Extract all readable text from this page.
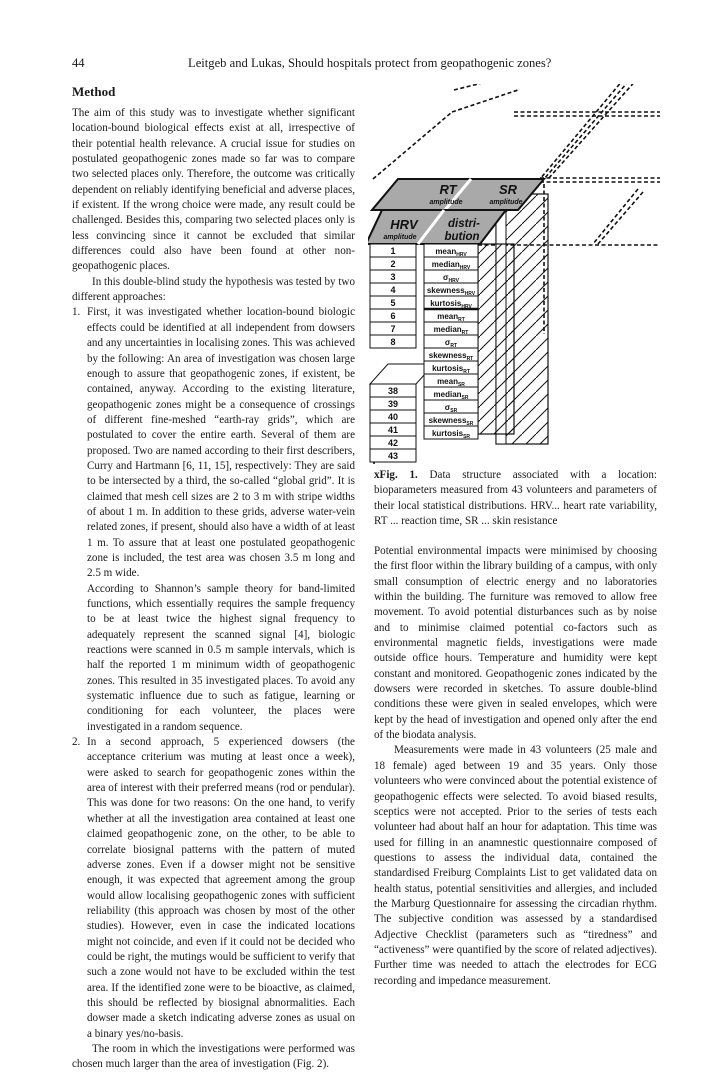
44	Leitgeb and Lukas, Should hospitals protect from geopathogenic zones?
Method

The aim of this study was to investigate whether significant location-bound biological effects exist at all, irrespective of their potential health relevance. A crucial issue for studies on postulated geopathogenic zones made so far was to compare two selected places only. Therefore, the outcome was critically dependent on reliably identifying beneficial and adverse places, if existent. If the wrong choice were made, any result could be challenged. Besides this, comparing two selected places only is less convincing since it cannot be excluded that similar differences could also have been found at other non-geopathogenic places.

In this double-blind study the hypothesis was tested by two different approaches:

1. First, it was investigated whether location-bound biologic effects could be identified at all independent from dowsers and any uncertainties in localising zones. This was achieved by the following: An area of investigation was chosen large enough to assure that geopathogenic zones, if existent, be contained, anyway. According to the existing literature, geopathogenic zones might be a consequence of crossings of different fine-meshed “earth-ray grids”, which are postulated to cover the entire earth. Several of them are proposed. Two are named according to their first describers, Curry and Hartmann [6, 11, 15], respectively: They are said to be intersected by a third, the so-called “global grid”. It is claimed that mesh cell sizes are 2 to 3 m with stripe widths of about 1 m. In addition to these grids, adverse water-vein related zones, if present, should also have a width of at least 1 m. To assure that at least one postulated geopathogenic zone is included, the test area was chosen 3.5 m long and 2.5 m wide.

According to Shannon’s sample theory for band-limited functions, which essentially requires the sample frequency to be at least twice the highest signal frequency to adequately represent the scanned signal [4], biologic reactions were scanned in 0.5 m sample intervals, which is half the reported 1 m minimum width of geopathogenic zones. This resulted in 35 investigated places. To avoid any systematic influence due to such as fatigue, learning or conditioning for each volunteer, the places were investigated in a random sequence.

2. In a second approach, 5 experienced dowsers (the acceptance criterium was muting at least once a week), were asked to search for geopathogenic zones within the area of interest with their preferred means (rod or pendular). This was done for two reasons: On the one hand, to verify whether at all the investigation area contained at least one claimed geopathogenic zone, on the other, to be able to correlate biosignal patterns with the pattern of muted adverse zones. Even if a dowser might not be sensitive enough, it was expected that agreement among the group would allow localising geopathogenic zones with sufficient reliability (this approach was chosen by most of the other studies). However, even in case the indicated locations might not coincide, and even if it could not be decided who could be right, the mutings would be sufficient to verify that such a zone would not have to be excluded within the test area. If the identified zone were to be bioactive, as claimed, this should be reflected by biosignal abnormalities. Each dowser made a sketch indicating adverse zones as usual on a binary yes/no-basis.

The room in which the investigations were performed was chosen much larger than the area of investigation (Fig. 2).

RT
amplitude
SR
amplitude
HRV
amplitude
distri-
bution
1
2
3
4
5
6
7
8
38
39
40
41
42
43
mean$_{HRV}$
median$_{HRV}$
$\sigma_{HRV}$
skewness$_{HRV}$
kurtosis$_{HRV}$
mean$_{RT}$
median$_{RT}$
$\sigma_{RT}$
skewness$_{RT}$
kurtosis$_{RT}$
mean$_{SR}$
median$_{SR}$
$\sigma_{SR}$
skewness$_{SR}$
kurtosis$_{SR}$

xFig. 1. Data structure associated with a location: bioparameters measured from 43 volunteers and parameters of their local statistical distributions. HRV... heart rate variability, RT ... reaction time, SR ... skin resistance

Potential environmental impacts were minimised by choosing the first floor within the library building of a campus, with only small consumption of electric energy and no laboratories within the building. The furniture was removed to allow free movement. To avoid potential disturbances such as by noise and to minimise claimed potential co-factors such as environmental magnetic fields, investigations were made outside office hours. Temperature and humidity were kept constant and monitored. Geopathogenic zones indicated by the dowsers were recorded in sketches. To assure double-blind conditions these were given in sealed envelopes, which were kept by the head of investigation and opened only after the end of the biodata analysis.

Measurements were made in 43 volunteers (25 male and 18 female) aged between 19 and 35 years. Only those volunteers who were convinced about the potential existence of geopathogenic effects were selected. To avoid biased results, sceptics were not accepted. Prior to the series of tests each volunteer had about half an hour for adaptation. This time was used for filling in an anamnestic questionnaire composed of questions to assess the individual data, contained the standardised Freiburg Complaints List to get validated data on health status, potential sensitivities and allergies, and included the Marburg Questionnaire for assessing the circadian rhythm. The subjective condition was assessed by a standardised Adjective Checklist (parameters such as “tiredness” and “activeness” were quantified by the score of related adjectives). Further time was needed to attach the electrodes for ECG recording and impedance measurement.
